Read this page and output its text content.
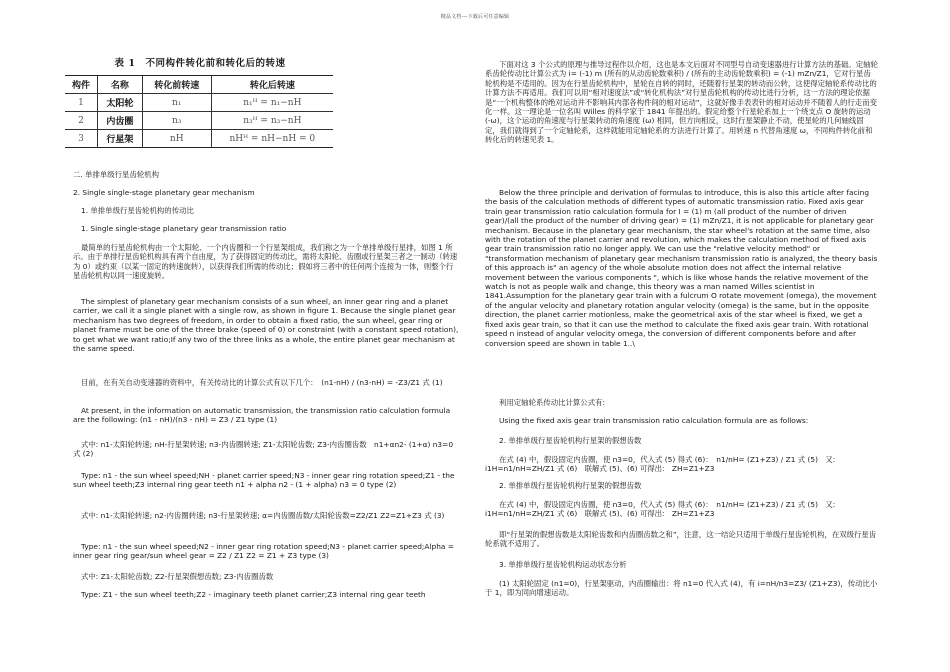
精品文档---下载后可任意编辑
表 1　不同构件转化前和转化后的转速
构件	名称	转化前转速	转化后转速
1	太阳轮	n₁	n₁ᴴ = n₁−nH
2	内齿圈	n₃	n₃ᴴ = n₃−nH
3	行星架	nH	nHᴴ = nH−nH = 0

二. 单排单级行星齿轮机构

2. Single single-stage planetary gear mechanism

1. 单排单级行星齿轮机构的传动比

1. Single single-stage planetary gear transmission ratio

最简单的行星齿轮机构由一个太阳轮、一个内齿圈和一个行星架组成，我们称之为一个单排单级行星排，如图 1 所示。由于单排行星齿轮机构具有两个自由度，为了获得固定的传动比，需将太阳轮、齿圈或行星架三者之一制动（转速为 0）或约束（以某一固定的转速旋转），以获得我们所需的传动比；假如将三者中的任何两个连接为一体，则整个行星齿轮机构以同一速度旋转。

The simplest of planetary gear mechanism consists of a sun wheel, an inner gear ring and a planet carrier, we call it a single planet with a single row, as shown in figure 1. Because the single planet gear mechanism has two degrees of freedom, in order to obtain a fixed ratio, the sun wheel, gear ring or planet frame must be one of the three brake (speed of 0) or constraint (with a constant speed rotation), to get what we want ratio;If any two of the three links as a whole, the entire planet gear mechanism at the same speed.

目前，在有关自动变速器的资料中，有关传动比的计算公式有以下几个：　(n1-nH) / (n3-nH) = -Z3/Z1 式 (1)

At present, in the information on automatic transmission, the transmission ratio calculation formula are the following: (n1 - nH)/(n3 - nH) = Z3 / Z1 type (1)

式中: n1-太阳轮转速; nH-行星架转速; n3-内齿圈转速; Z1-太阳轮齿数; Z3-内齿圈齿数　n1+αn2- (1+α) n3=0 式 (2)

Type: n1 - the sun wheel speed;NH - planet carrier speed;N3 - inner gear ring rotation speed;Z1 - the sun wheel teeth;Z3 internal ring gear teeth n1 + alpha n2 - (1 + alpha) n3 = 0 type (2)

式中: n1-太阳轮转速; n2-内齿圈转速; n3-行星架转速; α=内齿圈齿数/太阳轮齿数=Z2/Z1 Z2=Z1+Z3 式 (3)

Type: n1 - the sun wheel speed;N2 - inner gear ring rotation speed;N3 - planet carrier speed;Alpha = inner gear ring gear/sun wheel gear = Z2 / Z1 Z2 = Z1 + Z3 type (3)

式中: Z1-太阳轮齿数; Z2-行星架假想齿数; Z3-内齿圈齿数

Type: Z1 - the sun wheel teeth;Z2 - imaginary teeth planet carrier;Z3 internal ring gear teeth

下面对这 3 个公式的原理与推导过程作以介绍，这也是本文后面对不同型号自动变速器进行计算方法的基础。定轴轮系齿轮传动比计算公式为 i= (-1) m (所有的从动齿轮数乘积) / (所有的主动齿轮数乘积) = (-1) mZn/Z1，它对行星齿轮机构是不适用的。因为在行星齿轮机构中，星轮在自转的同时，还随着行星架的转动而公转，这使得定轴轮系传动比的计算方法不再适用。我们可以用“相对速度法”或“转化机构法”对行星齿轮机构的传动比进行分析，这一方法的理论依据是“一个机构整体的绝对运动并不影响其内部各构件间的相对运动”，这就好像手表表针的相对运动并不随着人的行走而变化一样。这一理论是一位名叫 Willes 的科学家于 1841 年提出的。假定给整个行星轮系加上一个绕支点 O 旋转的运动 (-ω)，这个运动的角速度与行星架转动的角速度 (ω) 相同，但方向相反，这时行星架静止不动，使星轮的几何轴线固定，我们就得到了一个定轴轮系，这样就能用定轴轮系的方法进行计算了。用转速 n 代替角速度 ω，不同构件转化前和转化后的转速见表 1。

Below the three principle and derivation of formulas to introduce, this is also this article after facing the basis of the calculation methods of different types of automatic transmission ratio. Fixed axis gear train gear transmission ratio calculation formula for I = (1) m (all product of the number of driven gear)/(all the product of the number of driving gear) = (1) mZn/Z1, it is not applicable for planetary gear mechanism. Because in the planetary gear mechanism, the star wheel's rotation at the same time, also with the rotation of the planet carrier and revolution, which makes the calculation method of fixed axis gear train transmission ratio no longer apply. We can use the "relative velocity method" or "transformation mechanism of planetary gear mechanism transmission ratio is analyzed, the theory basis of this approach is" an agency of the whole absolute motion does not affect the internal relative movement between the various components ", which is like whose hands the relative movement of the watch is not as people walk and change, this theory was a man named Willes scientist in 1841.Assumption for the planetary gear train with a fulcrum O rotate movement (omega), the movement of the angular velocity and planetary rotation angular velocity (omega) is the same, but in the opposite direction, the planet carrier motionless, make the geometrical axis of the star wheel is fixed, we get a fixed axis gear train, so that it can use the method to calculate the fixed axis gear train. With rotational speed n instead of angular velocity omega, the conversion of different components before and after conversion speed are shown in table 1..\

利用定轴轮系传动比计算公式有:

Using the fixed axis gear train transmission ratio calculation formula are as follows:

2. 单排单级行星齿轮机构行星架的假想齿数

在式 (4) 中，假设固定内齿圈，使 n3=0，代入式 (5) 得式 (6)：　n1/nH= (Z1+Z3) / Z1 式 (5)　又: i1H=n1/nH=ZH/Z1 式 (6)　联解式 (5)、(6) 可得出:　ZH=Z1+Z3

2. 单排单级行星齿轮机构行星架的假想齿数

在式 (4) 中，假设固定内齿圈，使 n3=0，代入式 (5) 得式 (6)：　n1/nH= (Z1+Z3) / Z1 式 (5)　又: i1H=n1/nH=ZH/Z1 式 (6)　联解式 (5)、(6) 可得出:　ZH=Z1+Z3

即“行星架的假想齿数是太阳轮齿数和内齿圈齿数之和”，注意，这一结论只适用于单级行星齿轮机构，在双级行星齿轮系就不适用了。

3. 单排单级行星齿轮机构运动状态分析

(1) 太阳轮固定 (n1=0)，行星架驱动，内齿圈输出：将 n1=0 代入式 (4)，有 i=nH/n3=Z3/ (Z1+Z3)，传动比小于 1，即为同向增速运动。
